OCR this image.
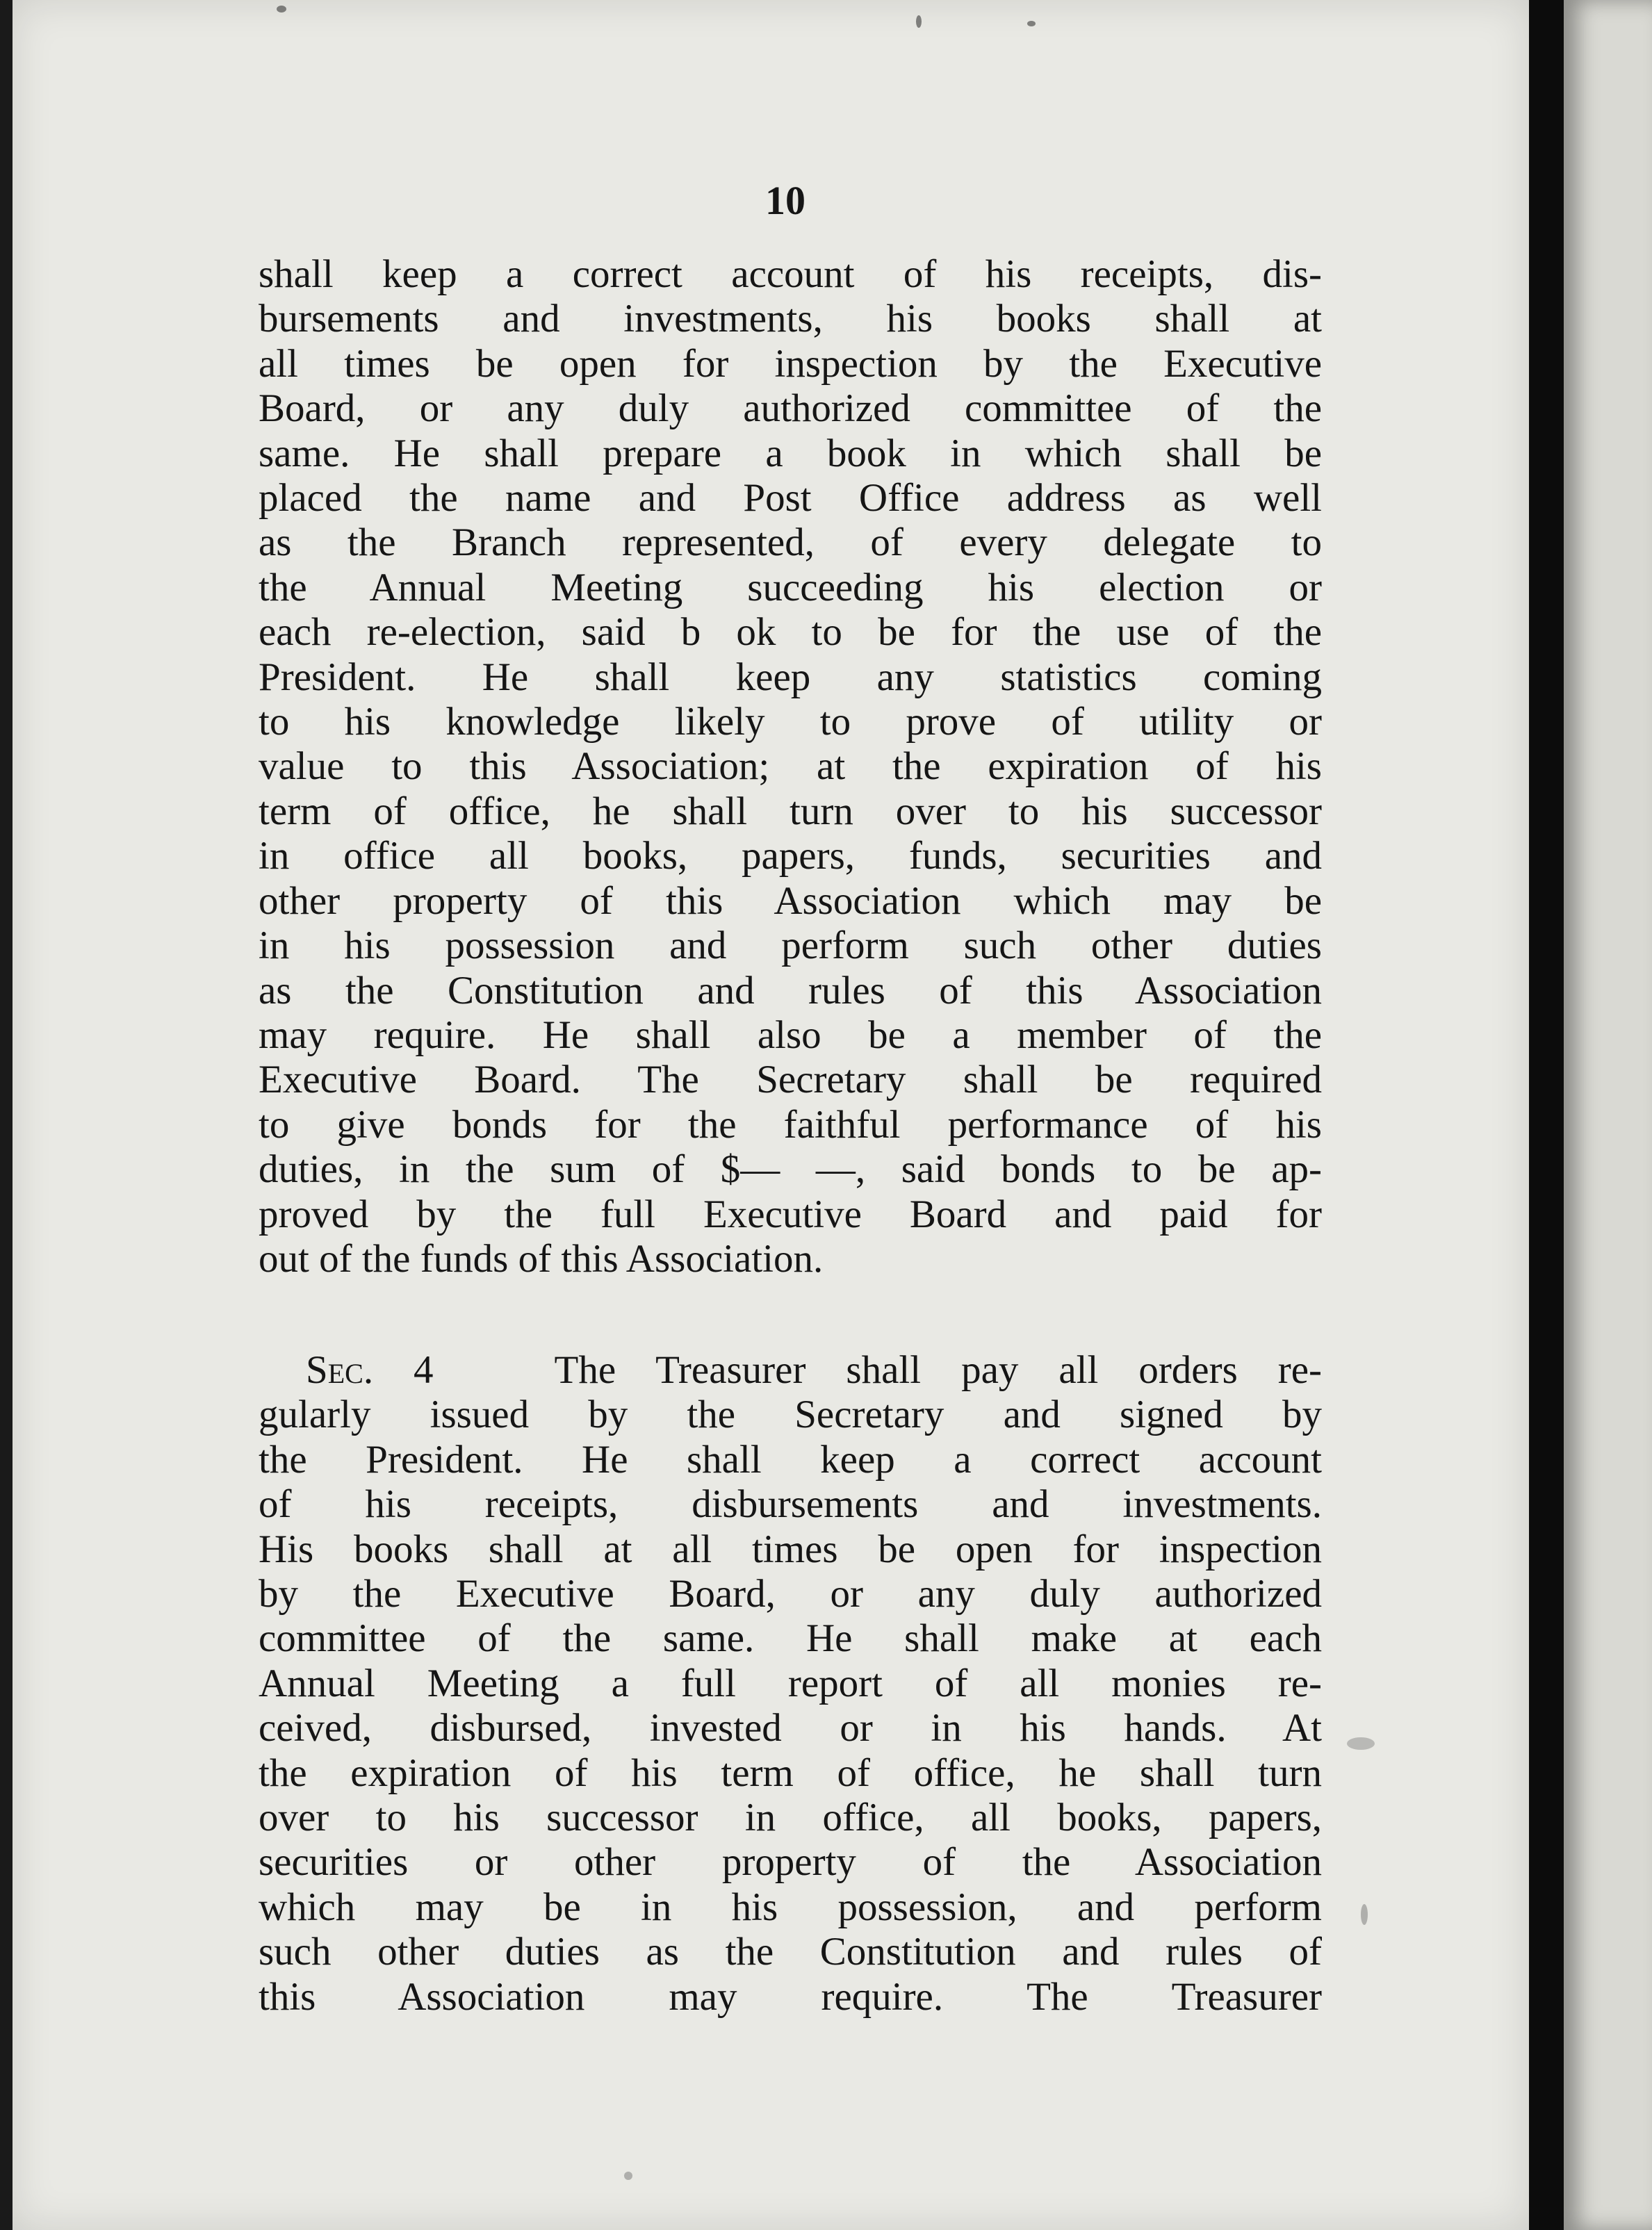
10
shall keep a correct account of his receipts, dis-
bursements and investments, his books shall at
all times be open for inspection by the Executive
Board, or any duly authorized committee of the
same. He shall prepare a book in which shall be
placed the name and Post Office address as well
as the Branch represented, of every delegate to
the Annual Meeting succeeding his election or
each re-election, said b ok to be for the use of the
President. He shall keep any statistics coming
to his knowledge likely to prove of utility or
value to this Association; at the expiration of his
term of office, he shall turn over to his successor
in office all books, papers, funds, securities and
other property of this Association which may be
in his possession and perform such other duties
as the Constitution and rules of this Association
may require. He shall also be a member of the
Executive Board. The Secretary shall be required
to give bonds for the faithful performance of his
duties, in the sum of $— —, said bonds to be ap-
proved by the full Executive Board and paid for
out of the funds of this Association.
Sec. 4	The Treasurer shall pay all orders re-
gularly issued by the Secretary and signed by
the President. He shall keep a correct account
of his receipts, disbursements and investments.
His books shall at all times be open for inspection
by the Executive Board, or any duly authorized
committee of the same. He shall make at each
Annual Meeting a full report of all monies re-
ceived, disbursed, invested or in his hands. At
the expiration of his term of office, he shall turn
over to his successor in office, all books, papers,
securities or other property of the Association
which may be in his possession, and perform
such other duties as the Constitution and rules of
this Association may require. The Treasurer
